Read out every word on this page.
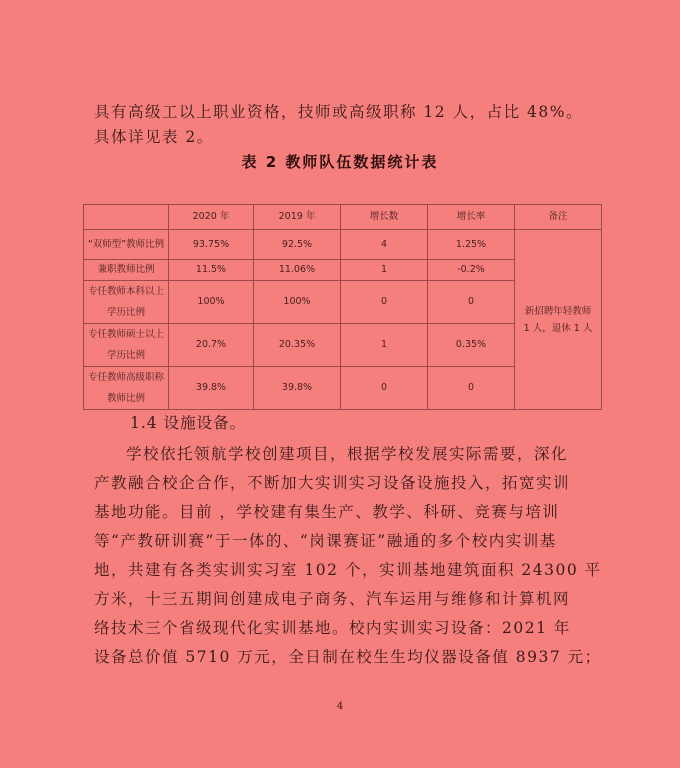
具有高级工以上职业资格，技师或高级职称 12 人，占比 48%。
具体详见表 2。
表 2 教师队伍数据统计表
	2020 年	2019 年	增长数	增长率	备注
“双师型”教师比例	93.75%	92.5%	4	1.25%	新招聘年轻教师 1 人，退休 1 人
兼职教师比例	11.5%	11.06%	1	-0.2%	
专任教师本科以上学历比例	100%	100%	0	0	
专任教师硕士以上学历比例	20.7%	20.35%	1	0.35%	
专任教师高级职称教师比例	39.8%	39.8%	0	0	
1.4 设施设备。
学校依托领航学校创建项目，根据学校发展实际需要，深化
产教融合校企合作，不断加大实训实习设备设施投入，拓宽实训
基地功能。目前 ，学校建有集生产、教学、科研、竞赛与培训
等“产教研训赛”于一体的、“岗课赛证”融通的多个校内实训基
地，共建有各类实训实习室 102 个，实训基地建筑面积 24300 平
方米，十三五期间创建成电子商务、汽车运用与维修和计算机网
络技术三个省级现代化实训基地。校内实训实习设备：2021 年
设备总价值 5710 万元，全日制在校生生均仪器设备值 8937 元；
4
